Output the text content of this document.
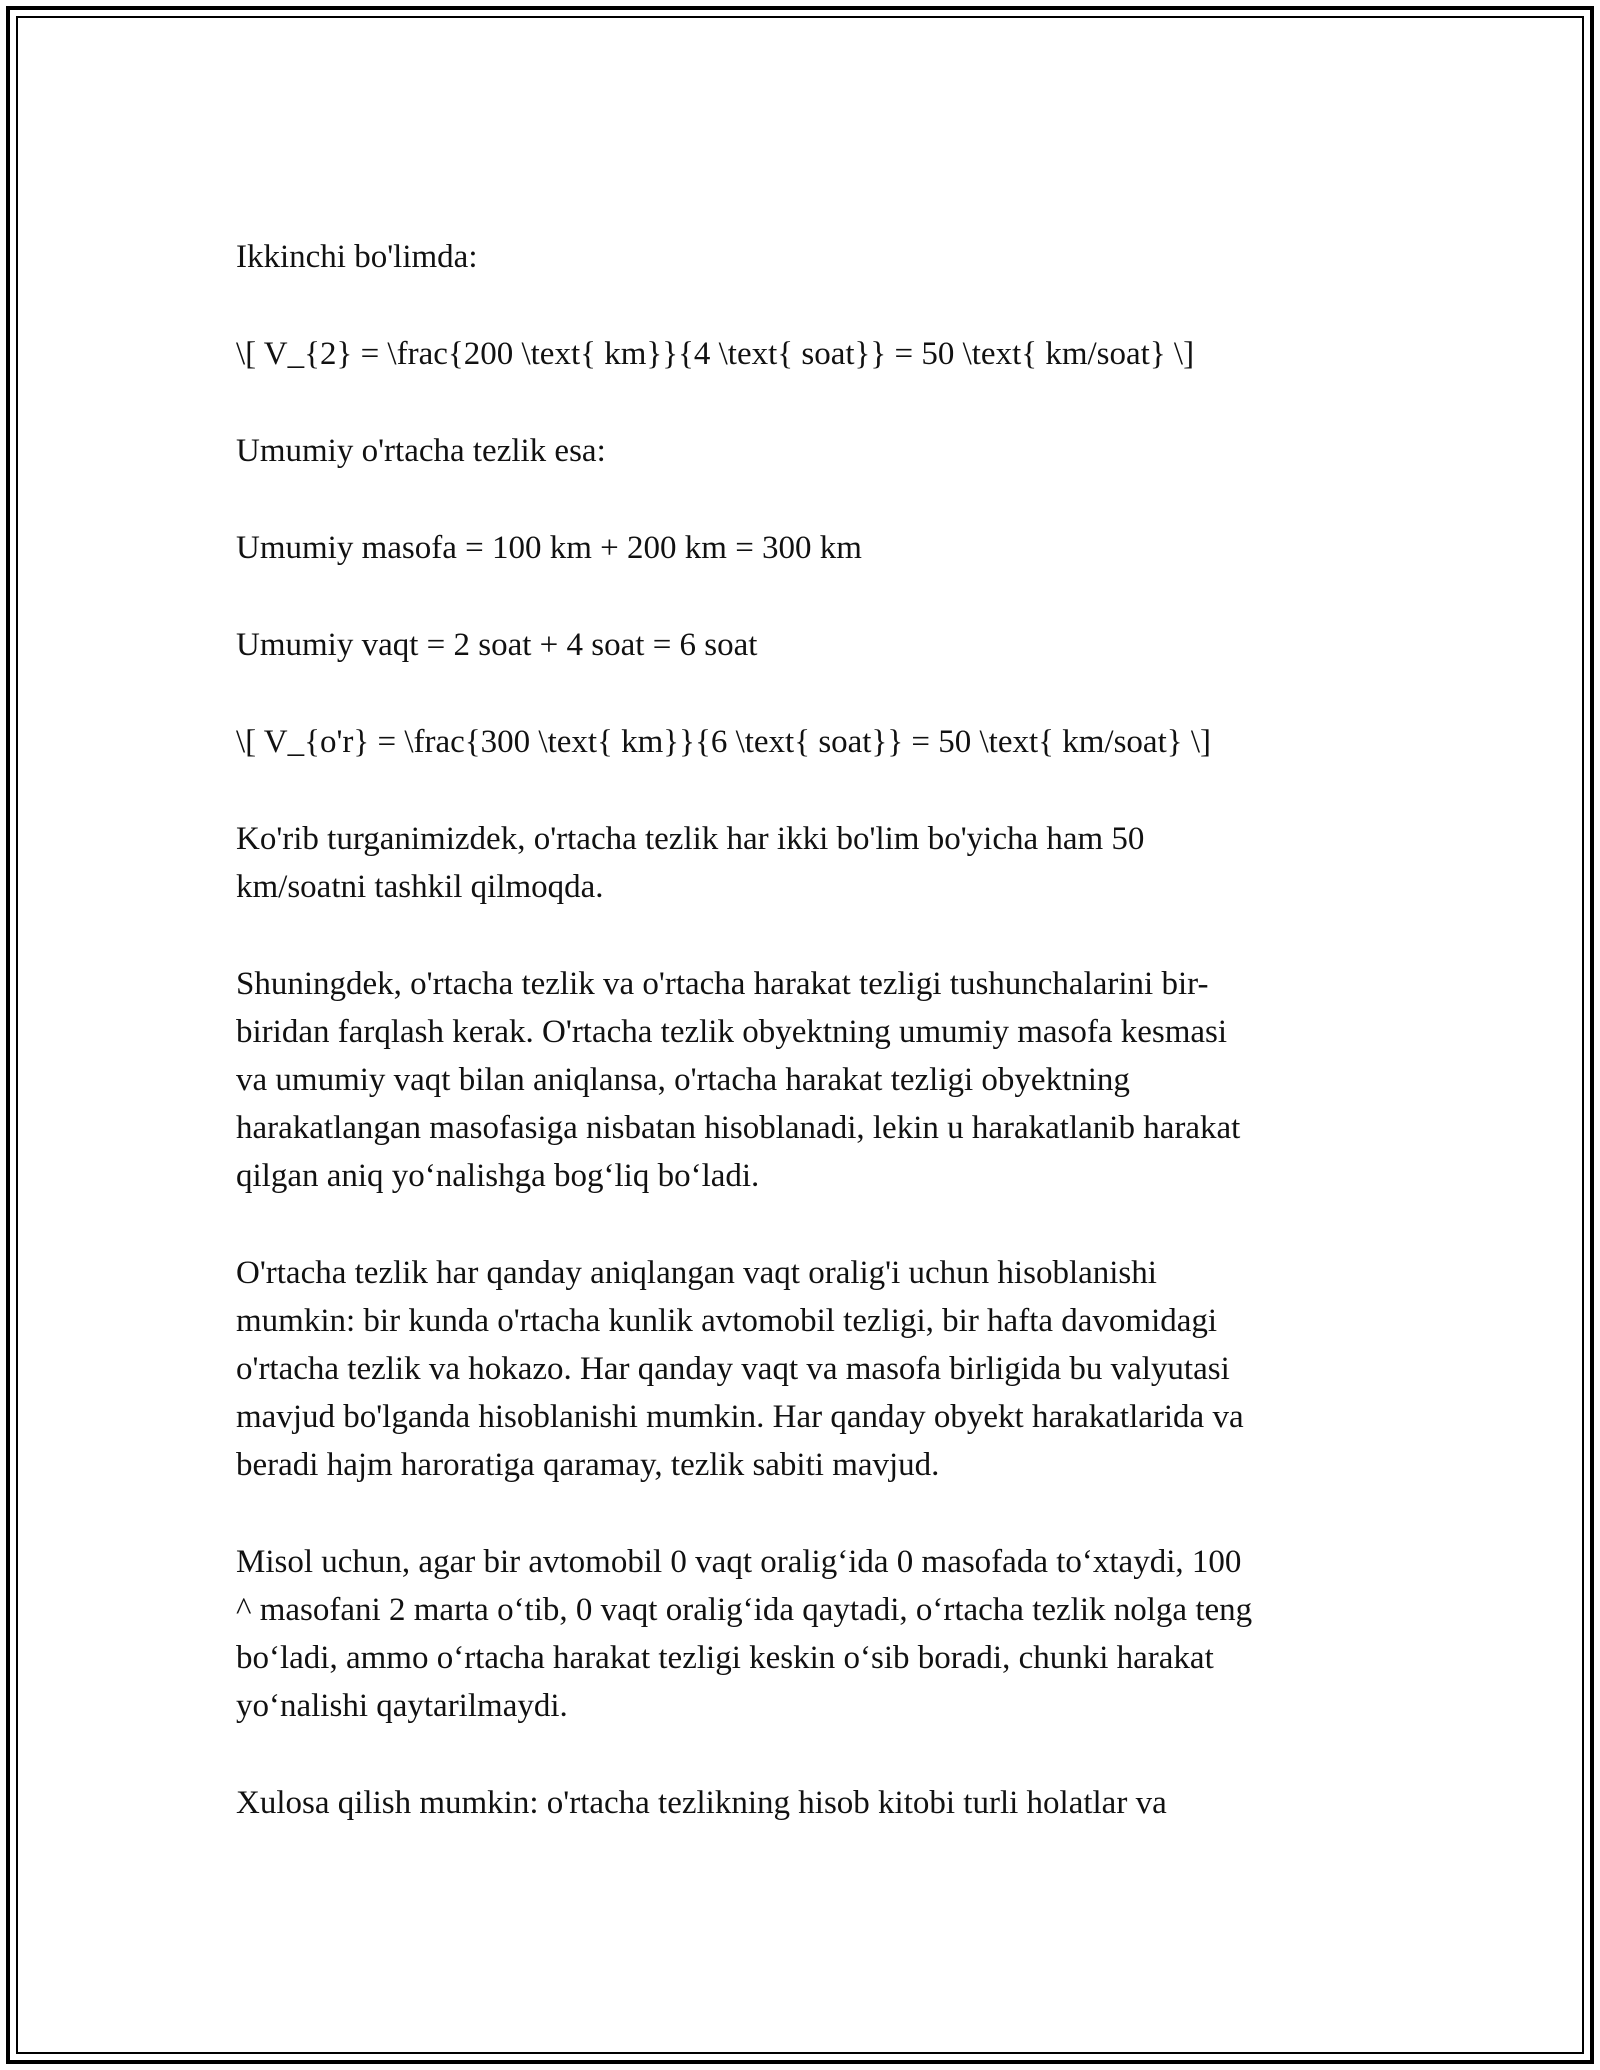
Ikkinchi bo'limda:

\[ V_{2} = \frac{200 \text{ km}}{4 \text{ soat}} = 50 \text{ km/soat} \]

Umumiy o'rtacha tezlik esa:

Umumiy masofa = 100 km + 200 km = 300 km

Umumiy vaqt = 2 soat + 4 soat = 6 soat

\[ V_{o'r} = \frac{300 \text{ km}}{6 \text{ soat}} = 50 \text{ km/soat} \]

Ko'rib turganimizdek, o'rtacha tezlik har ikki bo'lim bo'yicha ham 50
km/soatni tashkil qilmoqda.

Shuningdek, o'rtacha tezlik va o'rtacha harakat tezligi tushunchalarini bir-
biridan farqlash kerak. O'rtacha tezlik obyektning umumiy masofa kesmasi
va umumiy vaqt bilan aniqlansa, o'rtacha harakat tezligi obyektning
harakatlangan masofasiga nisbatan hisoblanadi, lekin u harakatlanib harakat
qilgan aniq yo‘nalishga bog‘liq bo‘ladi.

O'rtacha tezlik har qanday aniqlangan vaqt oralig'i uchun hisoblanishi
mumkin: bir kunda o'rtacha kunlik avtomobil tezligi, bir hafta davomidagi
o'rtacha tezlik va hokazo. Har qanday vaqt va masofa birligida bu valyutasi
mavjud bo'lganda hisoblanishi mumkin. Har qanday obyekt harakatlarida va
beradi hajm haroratiga qaramay, tezlik sabiti mavjud.

Misol uchun, agar bir avtomobil 0 vaqt oralig‘ida 0 masofada to‘xtaydi, 100
^ masofani 2 marta o‘tib, 0 vaqt oralig‘ida qaytadi, o‘rtacha tezlik nolga teng
bo‘ladi, ammo o‘rtacha harakat tezligi keskin o‘sib boradi, chunki harakat
yo‘nalishi qaytarilmaydi.

Xulosa qilish mumkin: o'rtacha tezlikning hisob kitobi turli holatlar va
